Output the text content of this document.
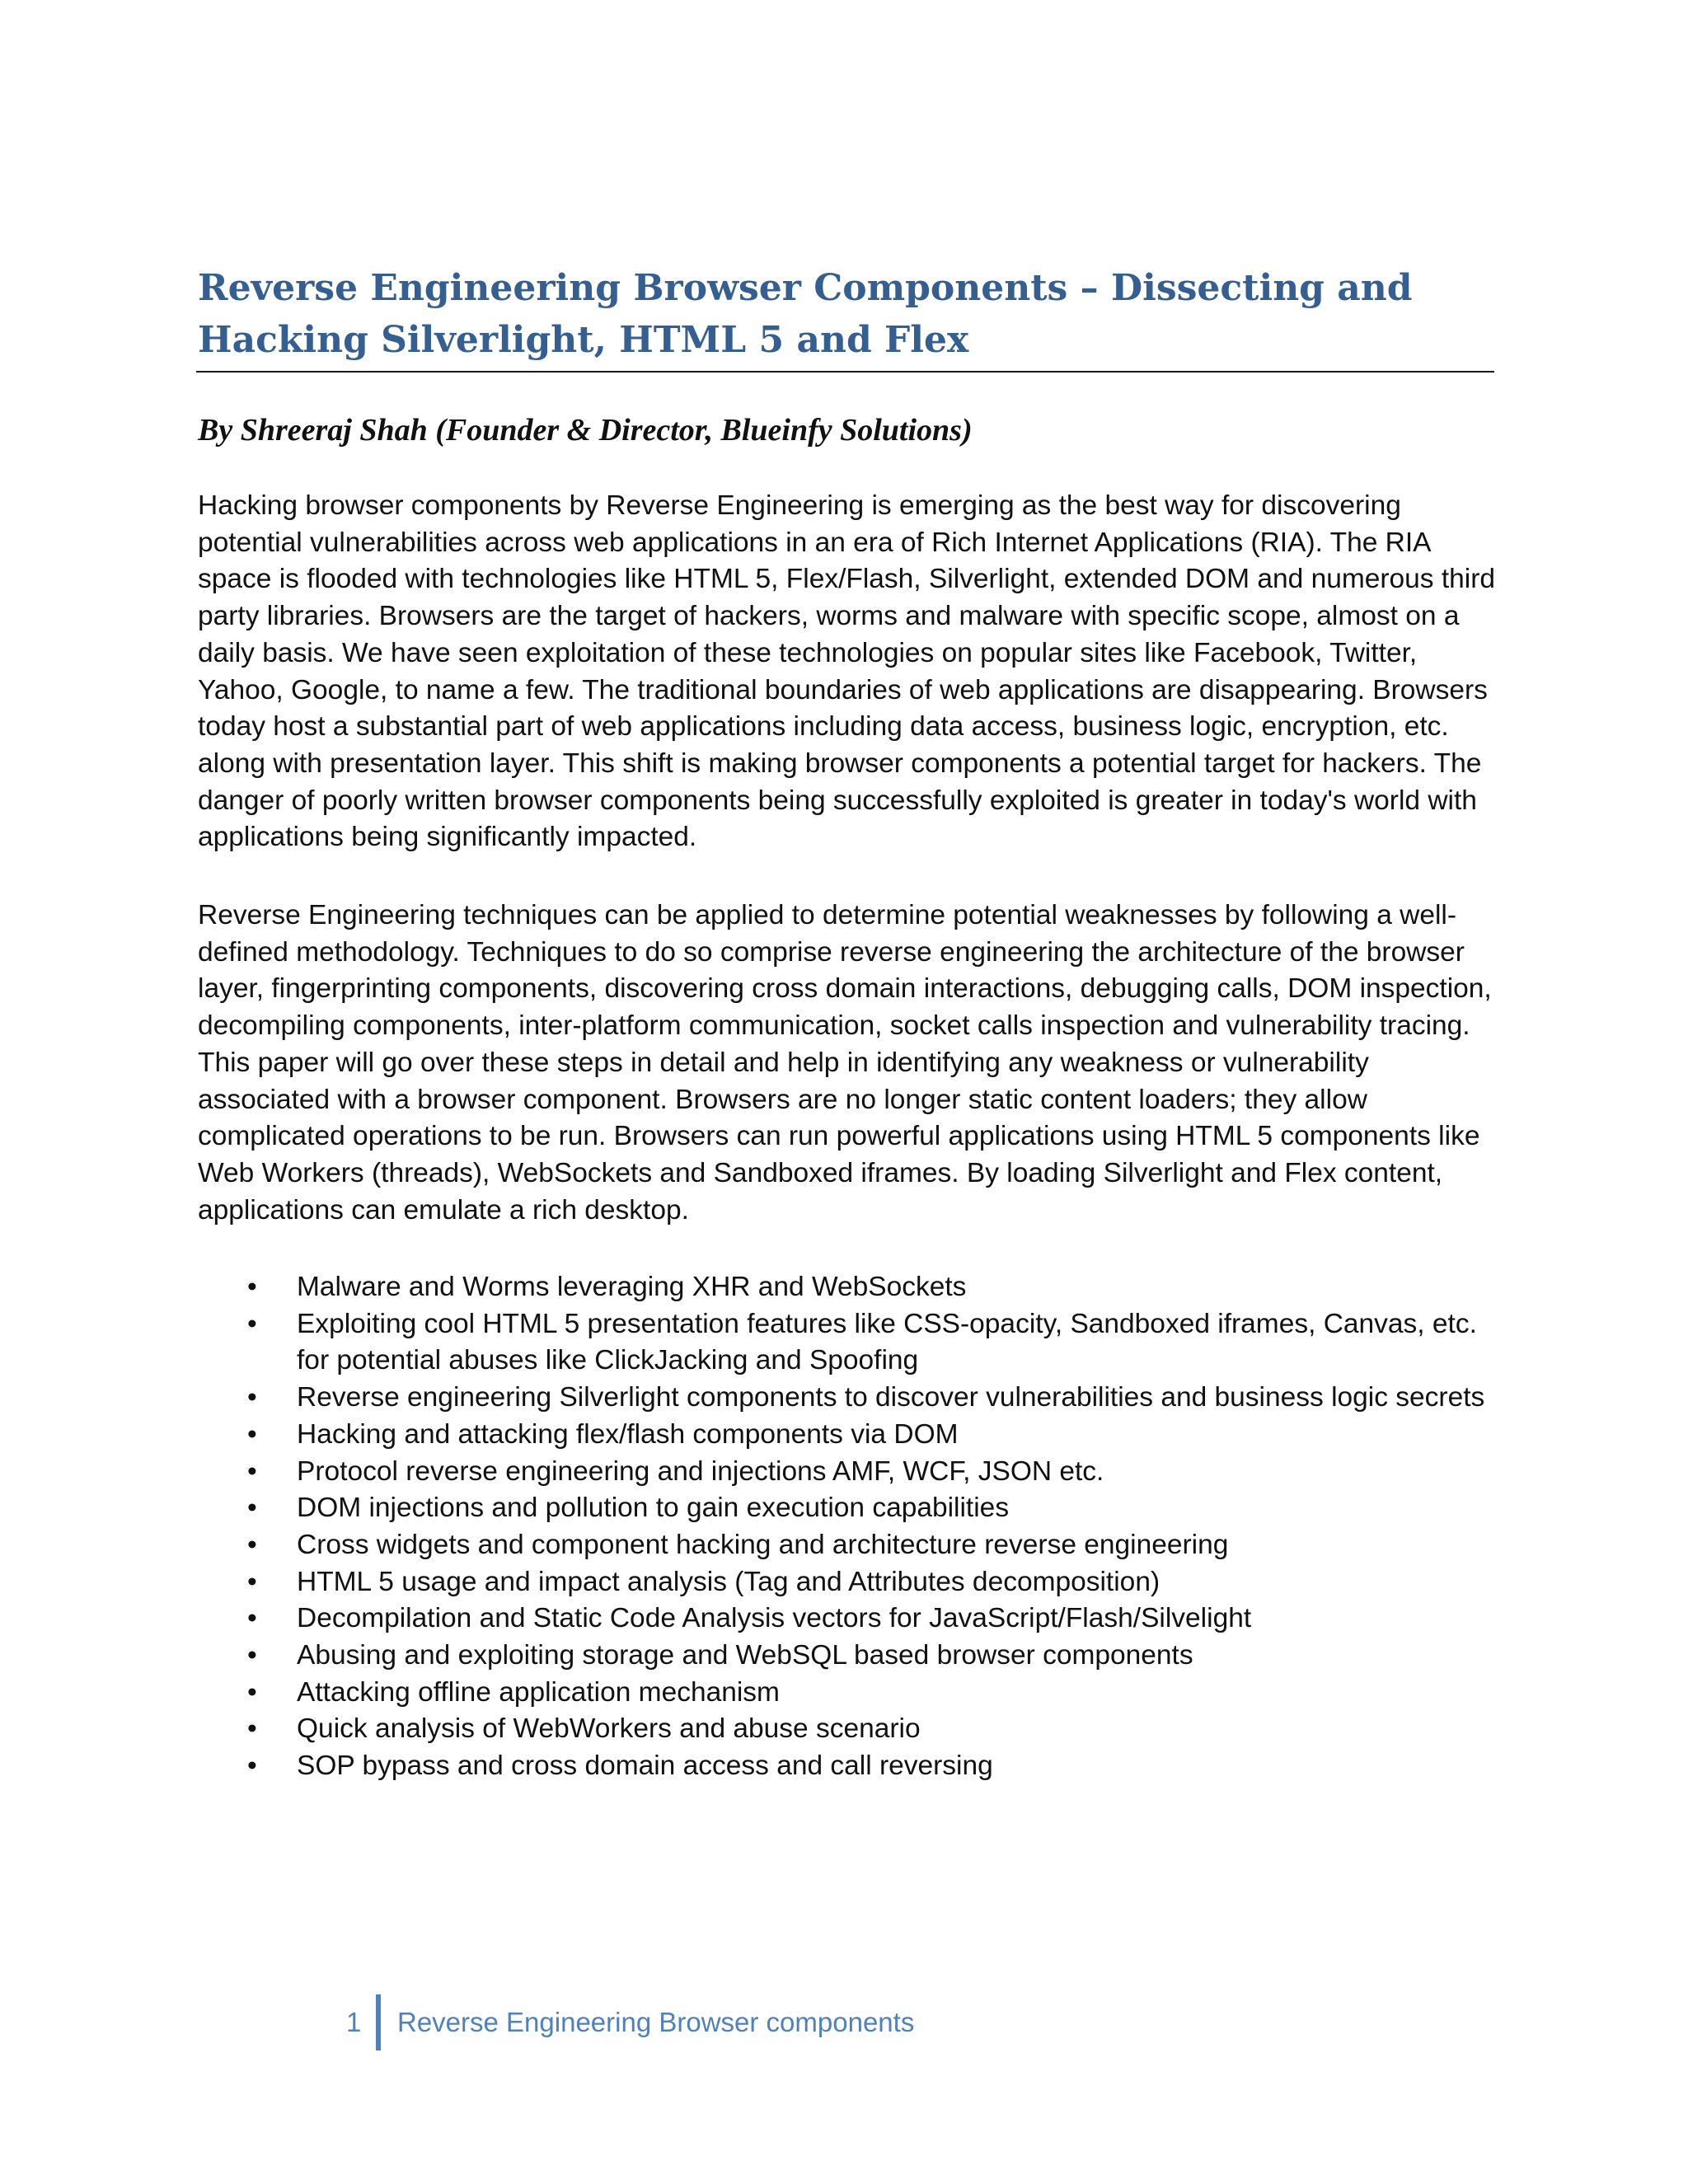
Reverse Engineering Browser Components – Dissecting and Hacking Silverlight, HTML 5 and Flex

By Shreeraj Shah (Founder & Director, Blueinfy Solutions)

Hacking browser components by Reverse Engineering is emerging as the best way for discovering potential vulnerabilities across web applications in an era of Rich Internet Applications (RIA). The RIA space is flooded with technologies like HTML 5, Flex/Flash, Silverlight, extended DOM and numerous third party libraries. Browsers are the target of hackers, worms and malware with specific scope, almost on a daily basis. We have seen exploitation of these technologies on popular sites like Facebook, Twitter, Yahoo, Google, to name a few. The traditional boundaries of web applications are disappearing. Browsers today host a substantial part of web applications including data access, business logic, encryption, etc. along with presentation layer. This shift is making browser components a potential target for hackers. The danger of poorly written browser components being successfully exploited is greater in today's world with applications being significantly impacted.

Reverse Engineering techniques can be applied to determine potential weaknesses by following a well-defined methodology. Techniques to do so comprise reverse engineering the architecture of the browser layer, fingerprinting components, discovering cross domain interactions, debugging calls, DOM inspection, decompiling components, inter-platform communication, socket calls inspection and vulnerability tracing. This paper will go over these steps in detail and help in identifying any weakness or vulnerability associated with a browser component. Browsers are no longer static content loaders; they allow complicated operations to be run. Browsers can run powerful applications using HTML 5 components like Web Workers (threads), WebSockets and Sandboxed iframes. By loading Silverlight and Flex content, applications can emulate a rich desktop.

•	Malware and Worms leveraging XHR and WebSockets
•	Exploiting cool HTML 5 presentation features like CSS-opacity, Sandboxed iframes, Canvas, etc. for potential abuses like ClickJacking and Spoofing
•	Reverse engineering Silverlight components to discover vulnerabilities and business logic secrets
•	Hacking and attacking flex/flash components via DOM
•	Protocol reverse engineering and injections AMF, WCF, JSON etc.
•	DOM injections and pollution to gain execution capabilities
•	Cross widgets and component hacking and architecture reverse engineering
•	HTML 5 usage and impact analysis (Tag and Attributes decomposition)
•	Decompilation and Static Code Analysis vectors for JavaScript/Flash/Silvelight
•	Abusing and exploiting storage and WebSQL based browser components
•	Attacking offline application mechanism
•	Quick analysis of WebWorkers and abuse scenario
•	SOP bypass and cross domain access and call reversing
1 Reverse Engineering Browser components
